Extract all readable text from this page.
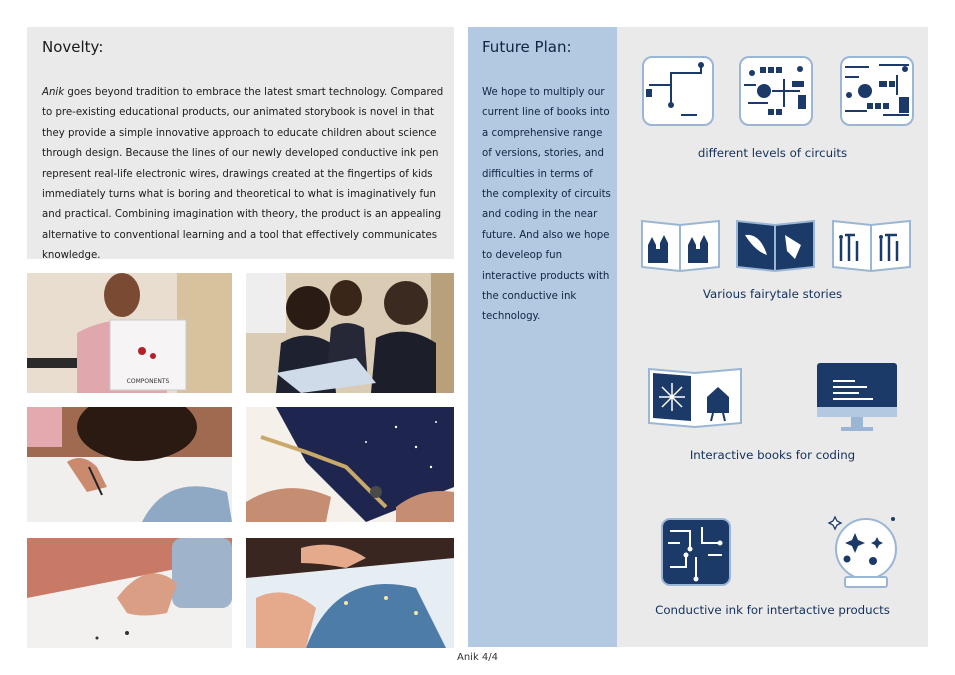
Novelty:

Anik goes beyond tradition to embrace the latest smart technology. Compared to pre-existing educational products, our animated storybook is novel in that they provide a simple innovative approach to educate children about science through design. Because the lines of our newly developed conductive ink pen represent real-life electronic wires, drawings created at the fingertips of kids immediately turns what is boring and theoretical to what is imaginatively fun and practical. Combining imagination with theory, the product is an appealing alternative to conventional learning and a tool that effectively communicates knowledge.

COMPONENTS
Future Plan:

We hope to multiply our current line of books into a comprehensive range of versions, stories, and difficulties in terms of the complexity of circuits and coding in the near future. And also we hope to develeop fun interactive products with the conductive ink technology.

different levels of circuits
Various fairytale stories
Interactive books for coding
Conductive ink for intertactive products
Anik 4/4
